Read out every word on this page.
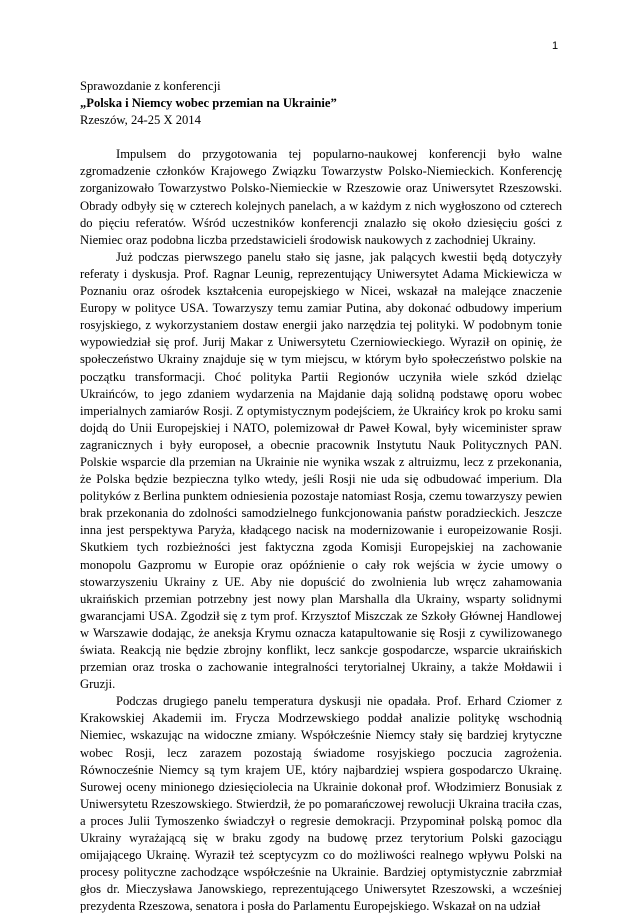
1

Sprawozdanie z konferencji

„Polska i Niemcy wobec przemian na Ukrainie”

Rzeszów, 24-25 X 2014

Impulsem do przygotowania tej popularno-naukowej konferencji było walne zgromadzenie członków Krajowego Związku Towarzystw Polsko-Niemieckich. Konferencję zorganizowało Towarzystwo Polsko-Niemieckie w Rzeszowie oraz Uniwersytet Rzeszowski. Obrady odbyły się w czterech kolejnych panelach, a w każdym z nich wygłoszono od czterech do pięciu referatów. Wśród uczestników konferencji znalazło się około dziesięciu gości z Niemiec oraz podobna liczba przedstawicieli środowisk naukowych z zachodniej Ukrainy.

Już podczas pierwszego panelu stało się jasne, jak palących kwestii będą dotyczyły referaty i dyskusja. Prof. Ragnar Leunig, reprezentujący Uniwersytet Adama Mickiewicza w Poznaniu oraz ośrodek kształcenia europejskiego w Nicei, wskazał na malejące znaczenie Europy w polityce USA. Towarzyszy temu zamiar Putina, aby dokonać odbudowy imperium rosyjskiego, z wykorzystaniem dostaw energii jako narzędzia tej polityki. W podobnym tonie wypowiedział się prof. Jurij Makar z Uniwersytetu Czerniowieckiego. Wyraził on opinię, że społeczeństwo Ukrainy znajduje się w tym miejscu, w którym było społeczeństwo polskie na początku transformacji. Choć polityka Partii Regionów uczyniła wiele szkód dzieląc Ukraińców, to jego zdaniem wydarzenia na Majdanie dają solidną podstawę oporu wobec imperialnych zamiarów Rosji. Z optymistycznym podejściem, że Ukraińcy krok po kroku sami dojdą do Unii Europejskiej i NATO, polemizował dr Paweł Kowal, były wiceminister spraw zagranicznych i były europoseł, a obecnie pracownik Instytutu Nauk Politycznych PAN. Polskie wsparcie dla przemian na Ukrainie nie wynika wszak z altruizmu, lecz z przekonania, że Polska będzie bezpieczna tylko wtedy, jeśli Rosji nie uda się odbudować imperium. Dla polityków z Berlina punktem odniesienia pozostaje natomiast Rosja, czemu towarzyszy pewien brak przekonania do zdolności samodzielnego funkcjonowania państw poradzieckich. Jeszcze inna jest perspektywa Paryża, kładącego nacisk na modernizowanie i europeizowanie Rosji. Skutkiem tych rozbieżności jest faktyczna zgoda Komisji Europejskiej na zachowanie monopolu Gazpromu w Europie oraz opóźnienie o cały rok wejścia w życie umowy o stowarzyszeniu Ukrainy z UE. Aby nie dopuścić do zwolnienia lub wręcz zahamowania ukraińskich przemian potrzebny jest nowy plan Marshalla dla Ukrainy, wsparty solidnymi gwarancjami USA. Zgodził się z tym prof. Krzysztof Miszczak ze Szkoły Głównej Handlowej w Warszawie dodając, że aneksja Krymu oznacza katapultowanie się Rosji z cywilizowanego świata. Reakcją nie będzie zbrojny konflikt, lecz sankcje gospodarcze, wsparcie ukraińskich przemian oraz troska o zachowanie integralności terytorialnej Ukrainy, a także Mołdawii i Gruzji.

Podczas drugiego panelu temperatura dyskusji nie opadała. Prof. Erhard Cziomer z Krakowskiej Akademii im. Frycza Modrzewskiego poddał analizie politykę wschodnią Niemiec, wskazując na widoczne zmiany. Współcześnie Niemcy stały się bardziej krytyczne wobec Rosji, lecz zarazem pozostają świadome rosyjskiego poczucia zagrożenia. Równocześnie Niemcy są tym krajem UE, który najbardziej wspiera gospodarczo Ukrainę. Surowej oceny minionego dziesięciolecia na Ukrainie dokonał prof. Włodzimierz Bonusiak z Uniwersytetu Rzeszowskiego. Stwierdził, że po pomarańczowej rewolucji Ukraina traciła czas, a proces Julii Tymoszenko świadczył o regresie demokracji. Przypominał polską pomoc dla Ukrainy wyrażającą się w braku zgody na budowę przez terytorium Polski gazociągu omijającego Ukrainę. Wyraził też sceptycyzm co do możliwości realnego wpływu Polski na procesy polityczne zachodzące współcześnie na Ukrainie. Bardziej optymistycznie zabrzmiał głos dr. Mieczysława Janowskiego, reprezentującego Uniwersytet Rzeszowski, a wcześniej prezydenta Rzeszowa, senatora i posła do Parlamentu Europejskiego. Wskazał on na udział
